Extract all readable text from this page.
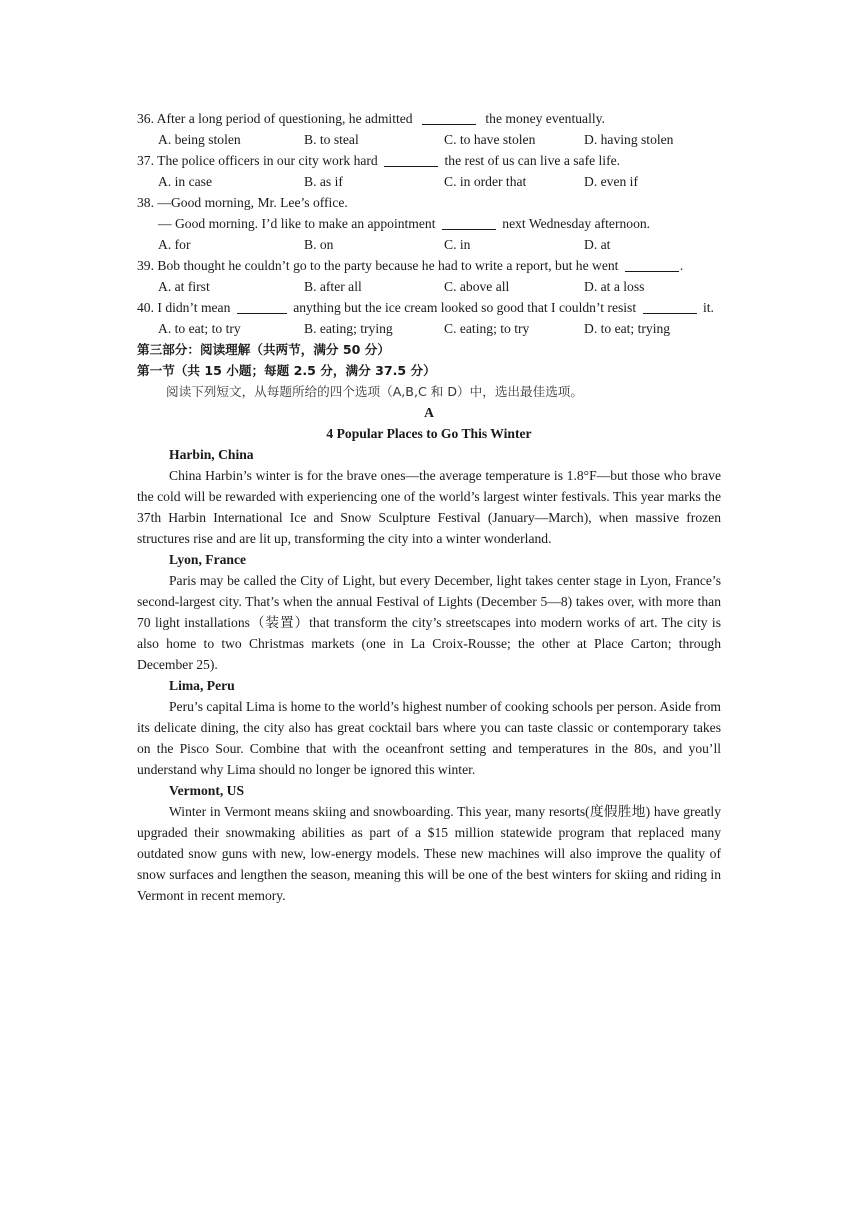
36. After a long period of questioning, he admitted	the money eventually.
A. being stolen	B. to steal	C. to have stolen	D. having stolen
37. The police officers in our city work hard	the rest of us can live a safe life.
A. in case	B. as if	C. in order that	D. even if
38. —Good morning, Mr. Lee’s office.
— Good morning. I’d like to make an appointment	next Wednesday afternoon.
A. for	B. on	C. in	D. at
39. Bob thought he couldn’t go to the party because he had to write a report, but he went	.
A. at first	B. after all	C. above all	D. at a loss
40. I didn’t mean	anything but the ice cream looked so good that I couldn’t resist	it.
A. to eat; to try	B. eating; trying	C. eating; to try	D. to eat; trying
第三部分：阅读理解（共两节，满分 50 分）
第一节（共 15 小题；每题 2.5 分，满分 37.5 分）
阅读下列短文，从每题所给的四个选项（A,B,C 和 D）中，选出最佳选项。
A
4 Popular Places to Go This Winter
Harbin, China

China Harbin’s winter is for the brave ones—the average temperature is 1.8°F—but those who brave the cold will be rewarded with experiencing one of the world’s largest winter festivals. This year marks the 37th Harbin International Ice and Snow Sculpture Festival (January—March), when massive frozen structures rise and are lit up, transforming the city into a winter wonderland.

Lyon, France

Paris may be called the City of Light, but every December, light takes center stage in Lyon, France’s second-largest city. That’s when the annual Festival of Lights (December 5—8) takes over, with more than 70 light installations（装置）that transform the city’s streetscapes into modern works of art. The city is also home to two Christmas markets (one in La Croix-Rousse; the other at Place Carton; through December 25).

Lima, Peru

Peru’s capital Lima is home to the world’s highest number of cooking schools per person. Aside from its delicate dining, the city also has great cocktail bars where you can taste classic or contemporary takes on the Pisco Sour. Combine that with the oceanfront setting and temperatures in the 80s, and you’ll understand why Lima should no longer be ignored this winter.

Vermont, US

Winter in Vermont means skiing and snowboarding. This year, many resorts(度假胜地) have greatly upgraded their snowmaking abilities as part of a $15 million statewide program that replaced many outdated snow guns with new, low-energy models. These new machines will also improve the quality of snow surfaces and lengthen the season, meaning this will be one of the best winters for skiing and riding in Vermont in recent memory.
